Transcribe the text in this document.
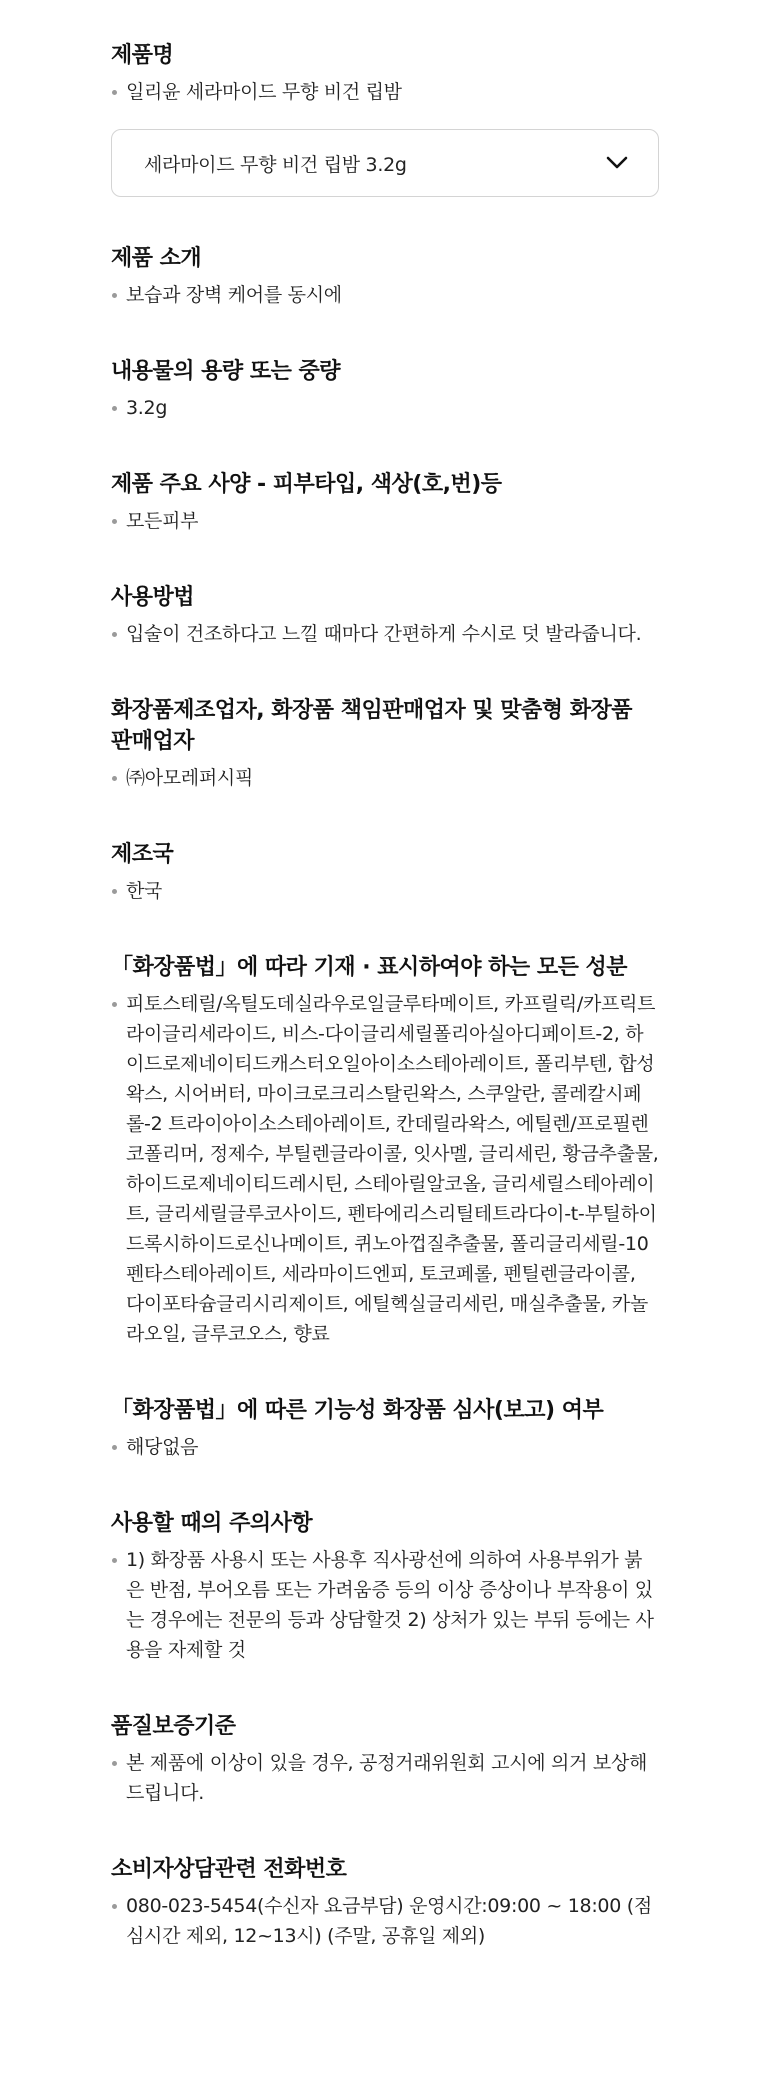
제품명
일리윤 세라마이드 무향 비건 립밤
세라마이드 무향 비건 립밤 3.2g
제품 소개
보습과 장벽 케어를 동시에
내용물의 용량 또는 중량
3.2g
제품 주요 사양 - 피부타입, 색상(호,번)등
모든피부
사용방법
입술이 건조하다고 느낄 때마다 간편하게 수시로 덧 발라줍니다.
화장품제조업자, 화장품 책임판매업자 및 맞춤형 화장품 판매업자
㈜아모레퍼시픽
제조국
한국
「화장품법」에 따라 기재 · 표시하여야 하는 모든 성분
피토스테릴/옥틸도데실라우로일글루타메이트, 카프릴릭/카프릭트라이글리세라이드, 비스-다이글리세릴폴리아실아디페이트-2, 하이드로제네이티드캐스터오일아이소스테아레이트, 폴리부텐, 합성왁스, 시어버터, 마이크로크리스탈린왁스, 스쿠알란, 콜레칼시페롤-2 트라이아이소스테아레이트, 칸데릴라왁스, 에틸렌/프로필렌코폴리머, 정제수, 부틸렌글라이콜, 잇사멜, 글리세린, 황금추출물, 하이드로제네이티드레시틴, 스테아릴알코올, 글리세릴스테아레이트, 글리세릴글루코사이드, 펜타에리스리틸테트라다이-t-부틸하이드록시하이드로신나메이트, 퀴노아껍질추출물, 폴리글리세릴-10 펜타스테아레이트, 세라마이드엔피, 토코페롤, 펜틸렌글라이콜, 다이포타슘글리시리제이트, 에틸헥실글리세린, 매실추출물, 카놀라오일, 글루코오스, 향료
「화장품법」에 따른 기능성 화장품 심사(보고) 여부
해당없음
사용할 때의 주의사항
1) 화장품 사용시 또는 사용후 직사광선에 의하여 사용부위가 붉은 반점, 부어오름 또는 가려움증 등의 이상 증상이나 부작용이 있는 경우에는 전문의 등과 상담할것 2) 상처가 있는 부뒤 등에는 사용을 자제할 것
품질보증기준
본 제품에 이상이 있을 경우, 공정거래위원회 고시에 의거 보상해드립니다.
소비자상담관련 전화번호
080-023-5454(수신자 요금부담) 운영시간:09:00 ~ 18:00 (점심시간 제외, 12~13시) (주말, 공휴일 제외)
